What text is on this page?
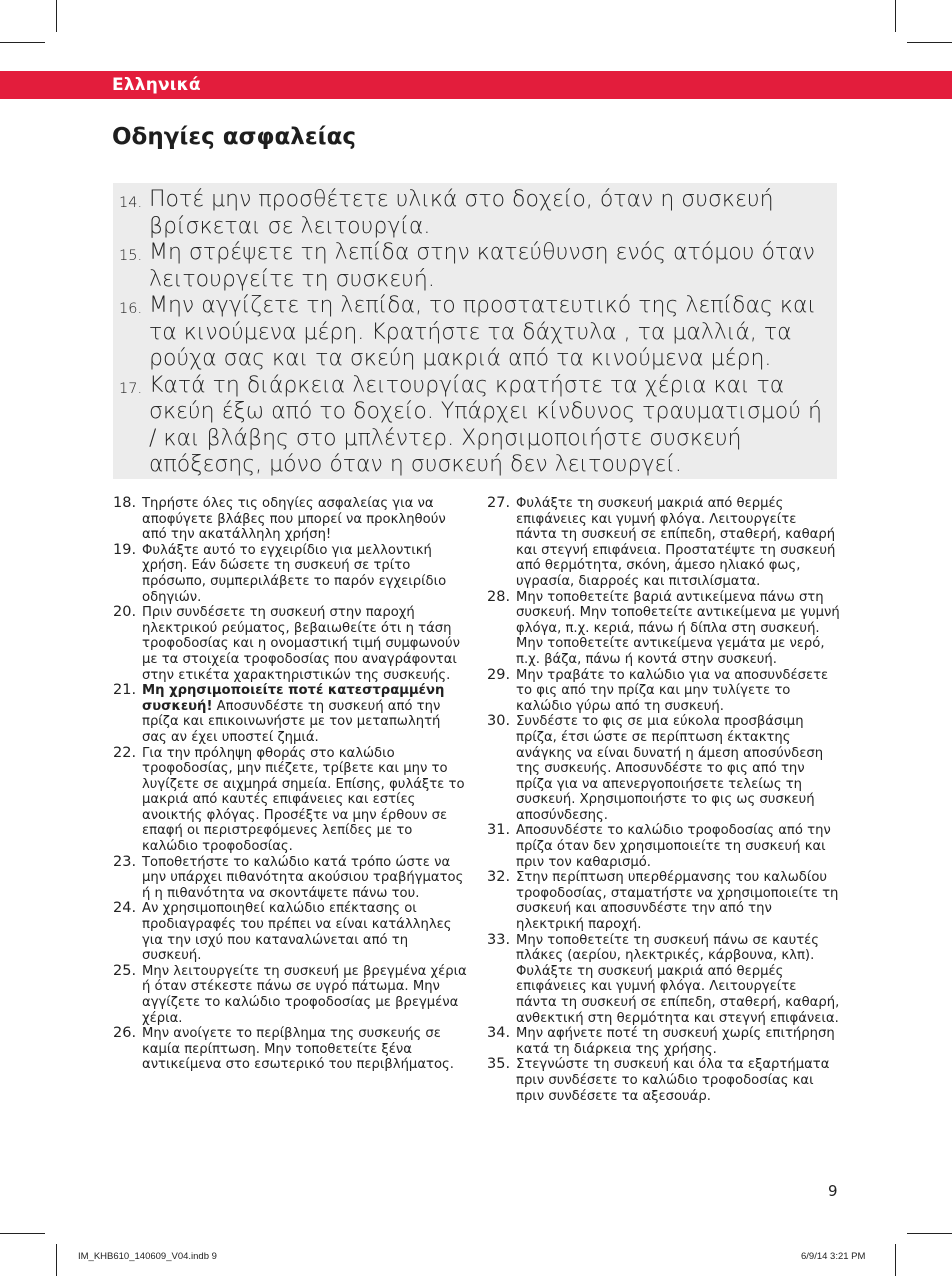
Ελληνικά
Οδηγίες ασφαλείας
14. Ποτέ μην προσθέτετε υλικά στο δοχείο, όταν η συσκευή βρίσκεται σε λειτουργία.
15. Μη στρέψετε τη λεπίδα στην κατεύθυνση ενός ατόμου όταν λειτουργείτε τη συσκευή.
16. Μην αγγίζετε τη λεπίδα, το προστατευτικό της λεπίδας και τα κινούμενα μέρη. Κρατήστε τα δάχτυλα , τα μαλλιά, τα ρούχα σας και τα σκεύη μακριά από τα κινούμενα μέρη.
17. Κατά τη διάρκεια λειτουργίας κρατήστε τα χέρια και τα σκεύη έξω από το δοχείο. Υπάρχει κίνδυνος τραυματισμού ή / και βλάβης στο μπλέντερ. Χρησιμοποιήστε συσκευή απόξεσης, μόνο όταν η συσκευή δεν λειτουργεί.
18. Τηρήστε όλες τις οδηγίες ασφαλείας για να αποφύγετε βλάβες που μπορεί να προκληθούν από την ακατάλληλη χρήση!
19. Φυλάξτε αυτό το εγχειρίδιο για μελλοντική χρήση. Εάν δώσετε τη συσκευή σε τρίτο πρόσωπο, συμπεριλάβετε το παρόν εγχειρίδιο οδηγιών.
20. Πριν συνδέσετε τη συσκευή στην παροχή ηλεκτρικού ρεύματος, βεβαιωθείτε ότι η τάση τροφοδοσίας και η ονομαστική τιμή συμφωνούν με τα στοιχεία τροφοδοσίας που αναγράφονται στην ετικέτα χαρακτηριστικών της συσκευής.
21. Μη χρησιμοποιείτε ποτέ κατεστραμμένη συσκευή! Αποσυνδέστε τη συσκευή από την πρίζα και επικοινωνήστε με τον μεταπωλητή σας αν έχει υποστεί ζημιά.
22. Για την πρόληψη φθοράς στο καλώδιο τροφοδοσίας, μην πιέζετε, τρίβετε και μην το λυγίζετε σε αιχμηρά σημεία. Επίσης, φυλάξτε το μακριά από καυτές επιφάνειες και εστίες ανοικτής φλόγας. Προσέξτε να μην έρθουν σε επαφή οι περιστρεφόμενες λεπίδες με το καλώδιο τροφοδοσίας.
23. Τοποθετήστε το καλώδιο κατά τρόπο ώστε να μην υπάρχει πιθανότητα ακούσιου τραβήγματος ή η πιθανότητα να σκοντάψετε πάνω του.
24. Αν χρησιμοποιηθεί καλώδιο επέκτασης οι προδιαγραφές του πρέπει να είναι κατάλληλες για την ισχύ που καταναλώνεται από τη συσκευή.
25. Μην λειτουργείτε τη συσκευή με βρεγμένα χέρια ή όταν στέκεστε πάνω σε υγρό πάτωμα. Μην αγγίζετε το καλώδιο τροφοδοσίας με βρεγμένα χέρια.
26. Μην ανοίγετε το περίβλημα της συσκευής σε καμία περίπτωση. Μην τοποθετείτε ξένα αντικείμενα στο εσωτερικό του περιβλήματος.
27. Φυλάξτε τη συσκευή μακριά από θερμές επιφάνειες και γυμνή φλόγα. Λειτουργείτε πάντα τη συσκευή σε επίπεδη, σταθερή, καθαρή και στεγνή επιφάνεια. Προστατέψτε τη συσκευή από θερμότητα, σκόνη, άμεσο ηλιακό φως, υγρασία, διαρροές και πιτσιλίσματα.
28. Μην τοποθετείτε βαριά αντικείμενα πάνω στη συσκευή. Μην τοποθετείτε αντικείμενα με γυμνή φλόγα, π.χ. κεριά, πάνω ή δίπλα στη συσκευή. Μην τοποθετείτε αντικείμενα γεμάτα με νερό, π.χ. βάζα, πάνω ή κοντά στην συσκευή.
29. Μην τραβάτε το καλώδιο για να αποσυνδέσετε το φις από την πρίζα και μην τυλίγετε το καλώδιο γύρω από τη συσκευή.
30. Συνδέστε το φις σε μια εύκολα προσβάσιμη πρίζα, έτσι ώστε σε περίπτωση έκτακτης ανάγκης να είναι δυνατή η άμεση αποσύνδεση της συσκευής. Αποσυνδέστε το φις από την πρίζα για να απενεργοποιήσετε τελείως τη συσκευή. Χρησιμοποιήστε το φις ως συσκευή αποσύνδεσης.
31. Αποσυνδέστε το καλώδιο τροφοδοσίας από την πρίζα όταν δεν χρησιμοποιείτε τη συσκευή και πριν τον καθαρισμό.
32. Στην περίπτωση υπερθέρμανσης του καλωδίου τροφοδοσίας, σταματήστε να χρησιμοποιείτε τη συσκευή και αποσυνδέστε την από την ηλεκτρική παροχή.
33. Μην τοποθετείτε τη συσκευή πάνω σε καυτές πλάκες (αερίου, ηλεκτρικές, κάρβουνα, κλπ). Φυλάξτε τη συσκευή μακριά από θερμές επιφάνειες και γυμνή φλόγα. Λειτουργείτε πάντα τη συσκευή σε επίπεδη, σταθερή, καθαρή, ανθεκτική στη θερμότητα και στεγνή επιφάνεια.
34. Μην αφήνετε ποτέ τη συσκευή χωρίς επιτήρηση κατά τη διάρκεια της χρήσης.
35. Στεγνώστε τη συσκευή και όλα τα εξαρτήματα πριν συνδέσετε το καλώδιο τροφοδοσίας και πριν συνδέσετε τα αξεσουάρ.
9
IM_KHB610_140609_V04.indb 9	6/9/14 3:21 PM
